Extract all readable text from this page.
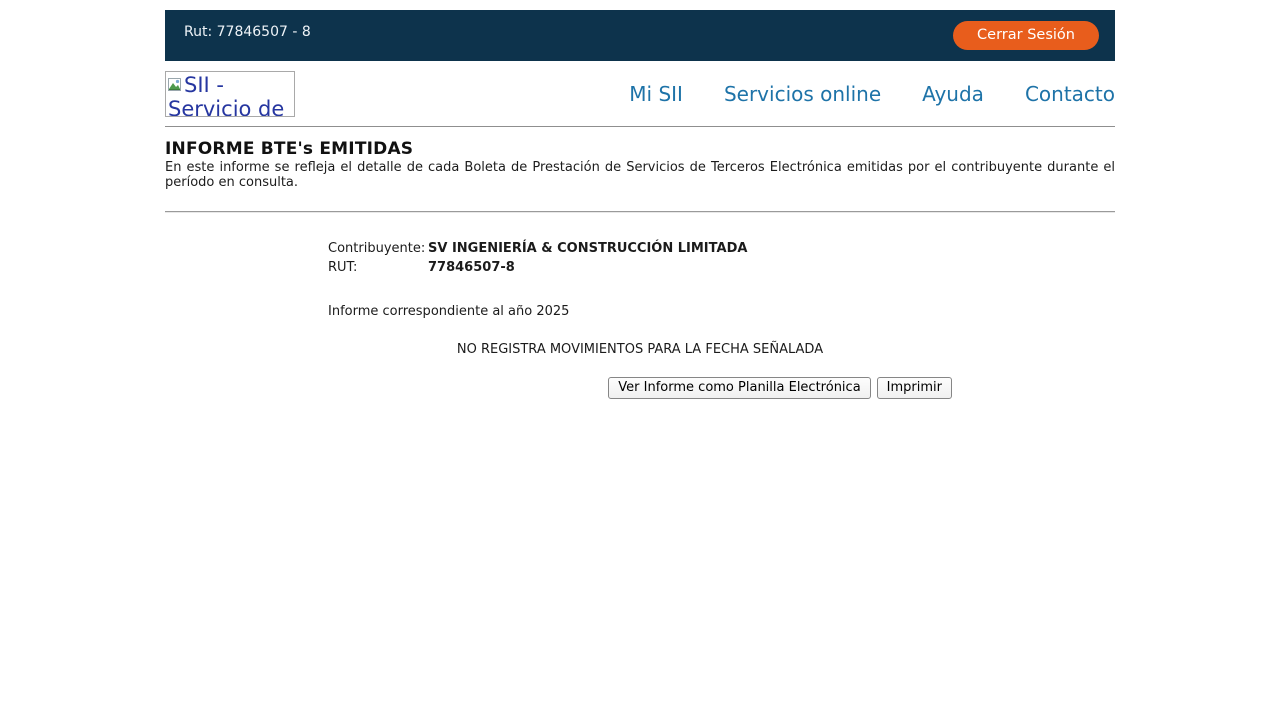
Rut: 77846507 - 8	Cerrar Sesión
SII - Servicio de
Mi SII Servicios online Ayuda Contacto
INFORME BTE's EMITIDAS

En este informe se refleja el detalle de cada Boleta de Prestación de Servicios de Terceros Electrónica emitidas por el contribuyente durante el período en consulta.

Contribuyente:	SV INGENIERÍA & CONSTRUCCIÓN LIMITADA
RUT:	77846507-8

Informe correspondiente al año 2025

NO REGISTRA MOVIMIENTOS PARA LA FECHA SEÑALADA

Ver Informe como Planilla Electrónica	Imprimir
